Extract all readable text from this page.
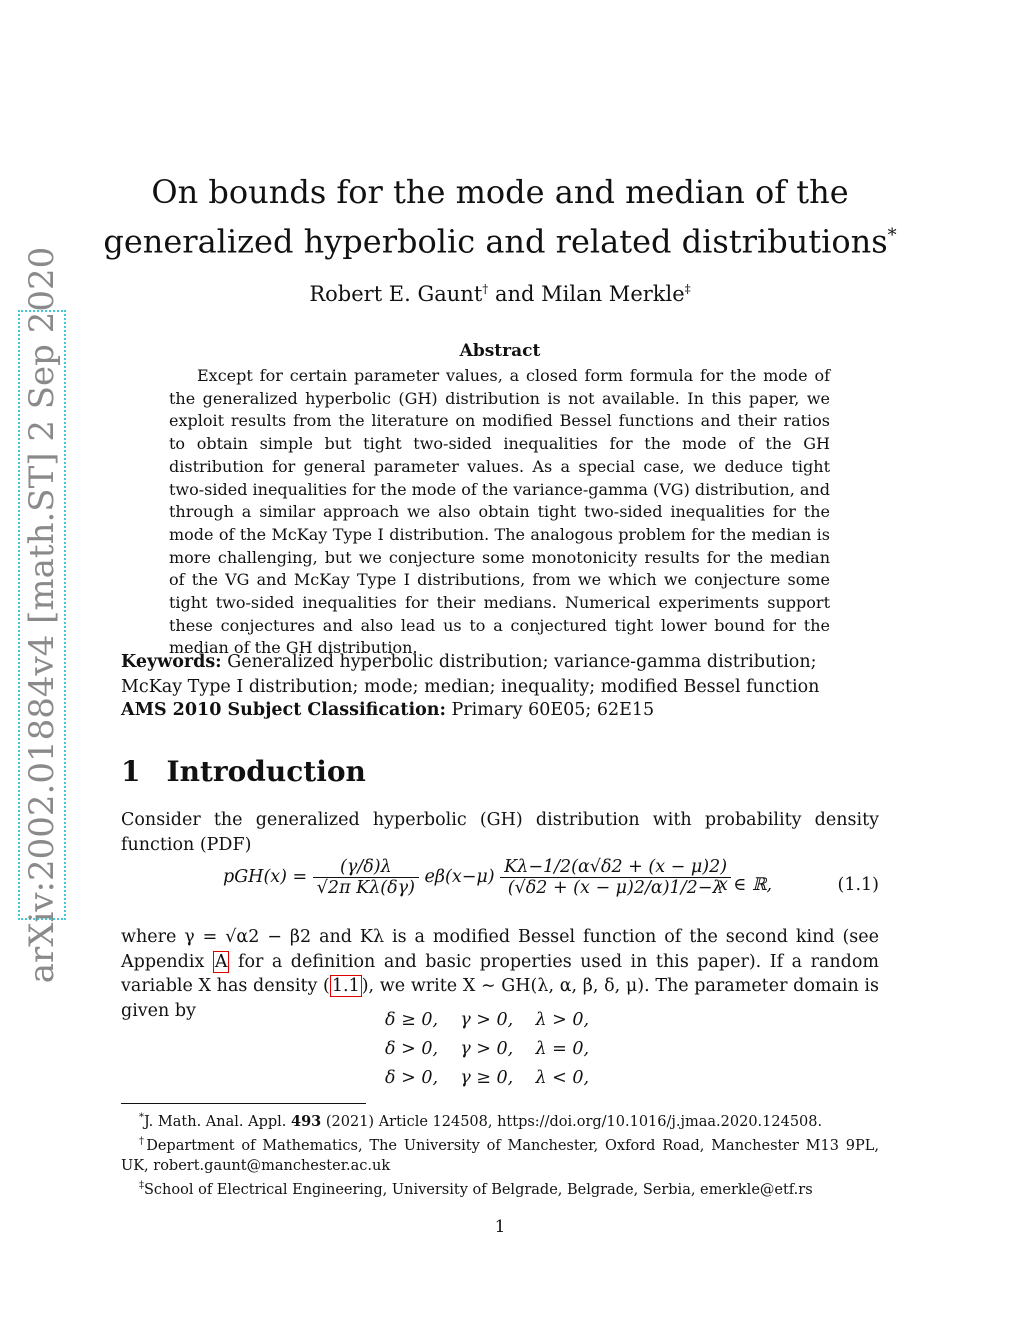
arXiv:2002.01884v4 [math.ST] 2 Sep 2020
On bounds for the mode and median of the
generalized hyperbolic and related distributions*
Robert E. Gaunt† and Milan Merkle‡
Abstract
Except for certain parameter values, a closed form formula for the mode of the generalized hyperbolic (GH) distribution is not available. In this paper, we exploit results from the literature on modified Bessel functions and their ratios to obtain simple but tight two-sided inequalities for the mode of the GH distribution for general parameter values. As a special case, we deduce tight two-sided inequalities for the mode of the variance-gamma (VG) distribution, and through a similar approach we also obtain tight two-sided inequalities for the mode of the McKay Type I distribution. The analogous problem for the median is more challenging, but we conjecture some monotonicity results for the median of the VG and McKay Type I distributions, from we which we conjecture some tight two-sided inequalities for their medians. Numerical experiments support these conjectures and also lead us to a conjectured tight lower bound for the median of the GH distribution.
Keywords: Generalized hyperbolic distribution; variance-gamma distribution; McKay Type I distribution; mode; median; inequality; modified Bessel function
AMS 2010 Subject Classification: Primary 60E05; 62E15
1 Introduction
Consider the generalized hyperbolic (GH) distribution with probability density function (PDF)
$pGH(x) = \frac{(\gamma/\delta)\lambda}{\text{√2π Kλ(δγ)}} e\beta(x-\mu) \frac{K\lambda-1/2(\alpha√\delta 2 + (x - \mu)2)}{(√\delta 2 + (x - \mu)2/\alpha)1/2-\lambda}$
x ∈ ℝ,	(1.1)
where γ = √α2 − β2 and Kλ is a modified Bessel function of the second kind (see Appendix A for a definition and basic properties used in this paper). If a random variable X has density ( 1.1 ), we write X ∼ GH(λ, α, β, δ, μ). The parameter domain is given by	δ ≥ 0,    γ > 0,    λ > 0,
δ > 0,    γ > 0,    λ = 0,
δ > 0,    γ ≥ 0,    λ < 0,
*J. Math. Anal. Appl. 493 (2021) Article 124508, https://doi.org/10.1016/j.jmaa.2020.124508.
†Department of Mathematics, The University of Manchester, Oxford Road, Manchester M13 9PL, UK, robert.gaunt@manchester.ac.uk
‡School of Electrical Engineering, University of Belgrade, Belgrade, Serbia, emerkle@etf.rs
1
